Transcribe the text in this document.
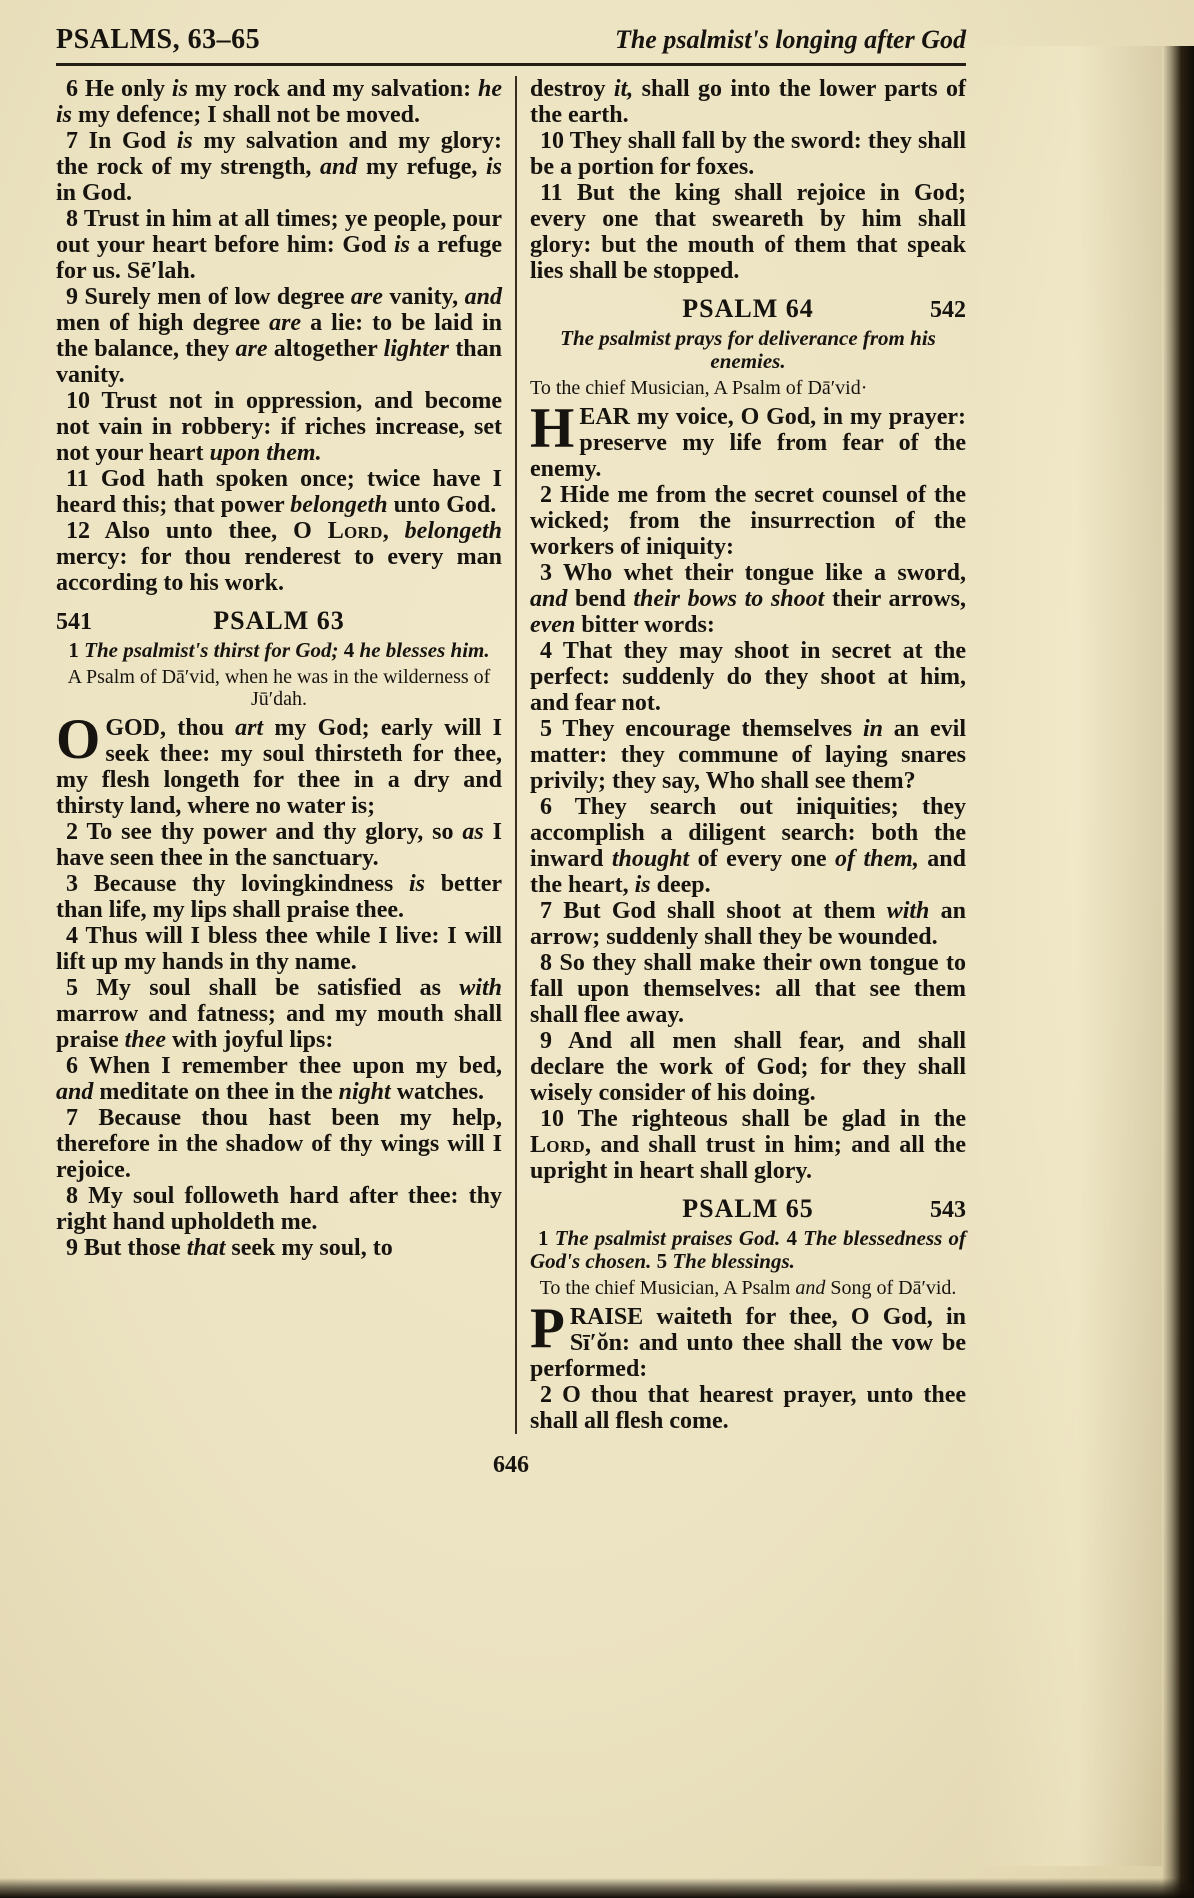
PSALMS, 63–65	The psalmist's longing after God

6 He only is my rock and my salvation: he is my defence; I shall not be moved.

7 In God is my salvation and my glory: the rock of my strength, and my refuge, is in God.

8 Trust in him at all times; ye people, pour out your heart before him: God is a refuge for us. Sē′lah.

9 Surely men of low degree are vanity, and men of high degree are a lie: to be laid in the balance, they are altogether lighter than vanity.

10 Trust not in oppression, and become not vain in robbery: if riches increase, set not your heart upon them.

11 God hath spoken once; twice have I heard this; that power belongeth unto God.

12 Also unto thee, O Lord, belongeth mercy: for thou renderest to every man according to his work.

541	PSALM 63

1 The psalmist's thirst for God; 4 he blesses him.

A Psalm of Dā′vid, when he was in the wilderness of Jū′dah.

OGOD, thou art my God; early will I seek thee: my soul thirsteth for thee, my flesh longeth for thee in a dry and thirsty land, where no water is;

2 To see thy power and thy glory, so as I have seen thee in the sanctuary.

3 Because thy lovingkindness is better than life, my lips shall praise thee.

4 Thus will I bless thee while I live: I will lift up my hands in thy name.

5 My soul shall be satisfied as with marrow and fatness; and my mouth shall praise thee with joyful lips:

6 When I remember thee upon my bed, and meditate on thee in the night watches.

7 Because thou hast been my help, therefore in the shadow of thy wings will I rejoice.

8 My soul followeth hard after thee: thy right hand upholdeth me.

9 But those that seek my soul, to

destroy it, shall go into the lower parts of the earth.

10 They shall fall by the sword: they shall be a portion for foxes.

11 But the king shall rejoice in God; every one that sweareth by him shall glory: but the mouth of them that speak lies shall be stopped.

PSALM 64	542

The psalmist prays for deliverance from his enemies.

To the chief Musician, A Psalm of Dā′vid·

HEAR my voice, O God, in my prayer: preserve my life from fear of the enemy.

2 Hide me from the secret counsel of the wicked; from the insurrection of the workers of iniquity:

3 Who whet their tongue like a sword, and bend their bows to shoot their arrows, even bitter words:

4 That they may shoot in secret at the perfect: suddenly do they shoot at him, and fear not.

5 They encourage themselves in an evil matter: they commune of laying snares privily; they say, Who shall see them?

6 They search out iniquities; they accomplish a diligent search: both the inward thought of every one of them, and the heart, is deep.

7 But God shall shoot at them with an arrow; suddenly shall they be wounded.

8 So they shall make their own tongue to fall upon themselves: all that see them shall flee away.

9 And all men shall fear, and shall declare the work of God; for they shall wisely consider of his doing.

10 The righteous shall be glad in the Lord, and shall trust in him; and all the upright in heart shall glory.

PSALM 65	543

1 The psalmist praises God. 4 The blessedness of God's chosen. 5 The blessings.

To the chief Musician, A Psalm and Song of Dā′vid.

PRAISE waiteth for thee, O God, in Sī′ŏn: and unto thee shall the vow be performed:

2 O thou that hearest prayer, unto thee shall all flesh come.

646
